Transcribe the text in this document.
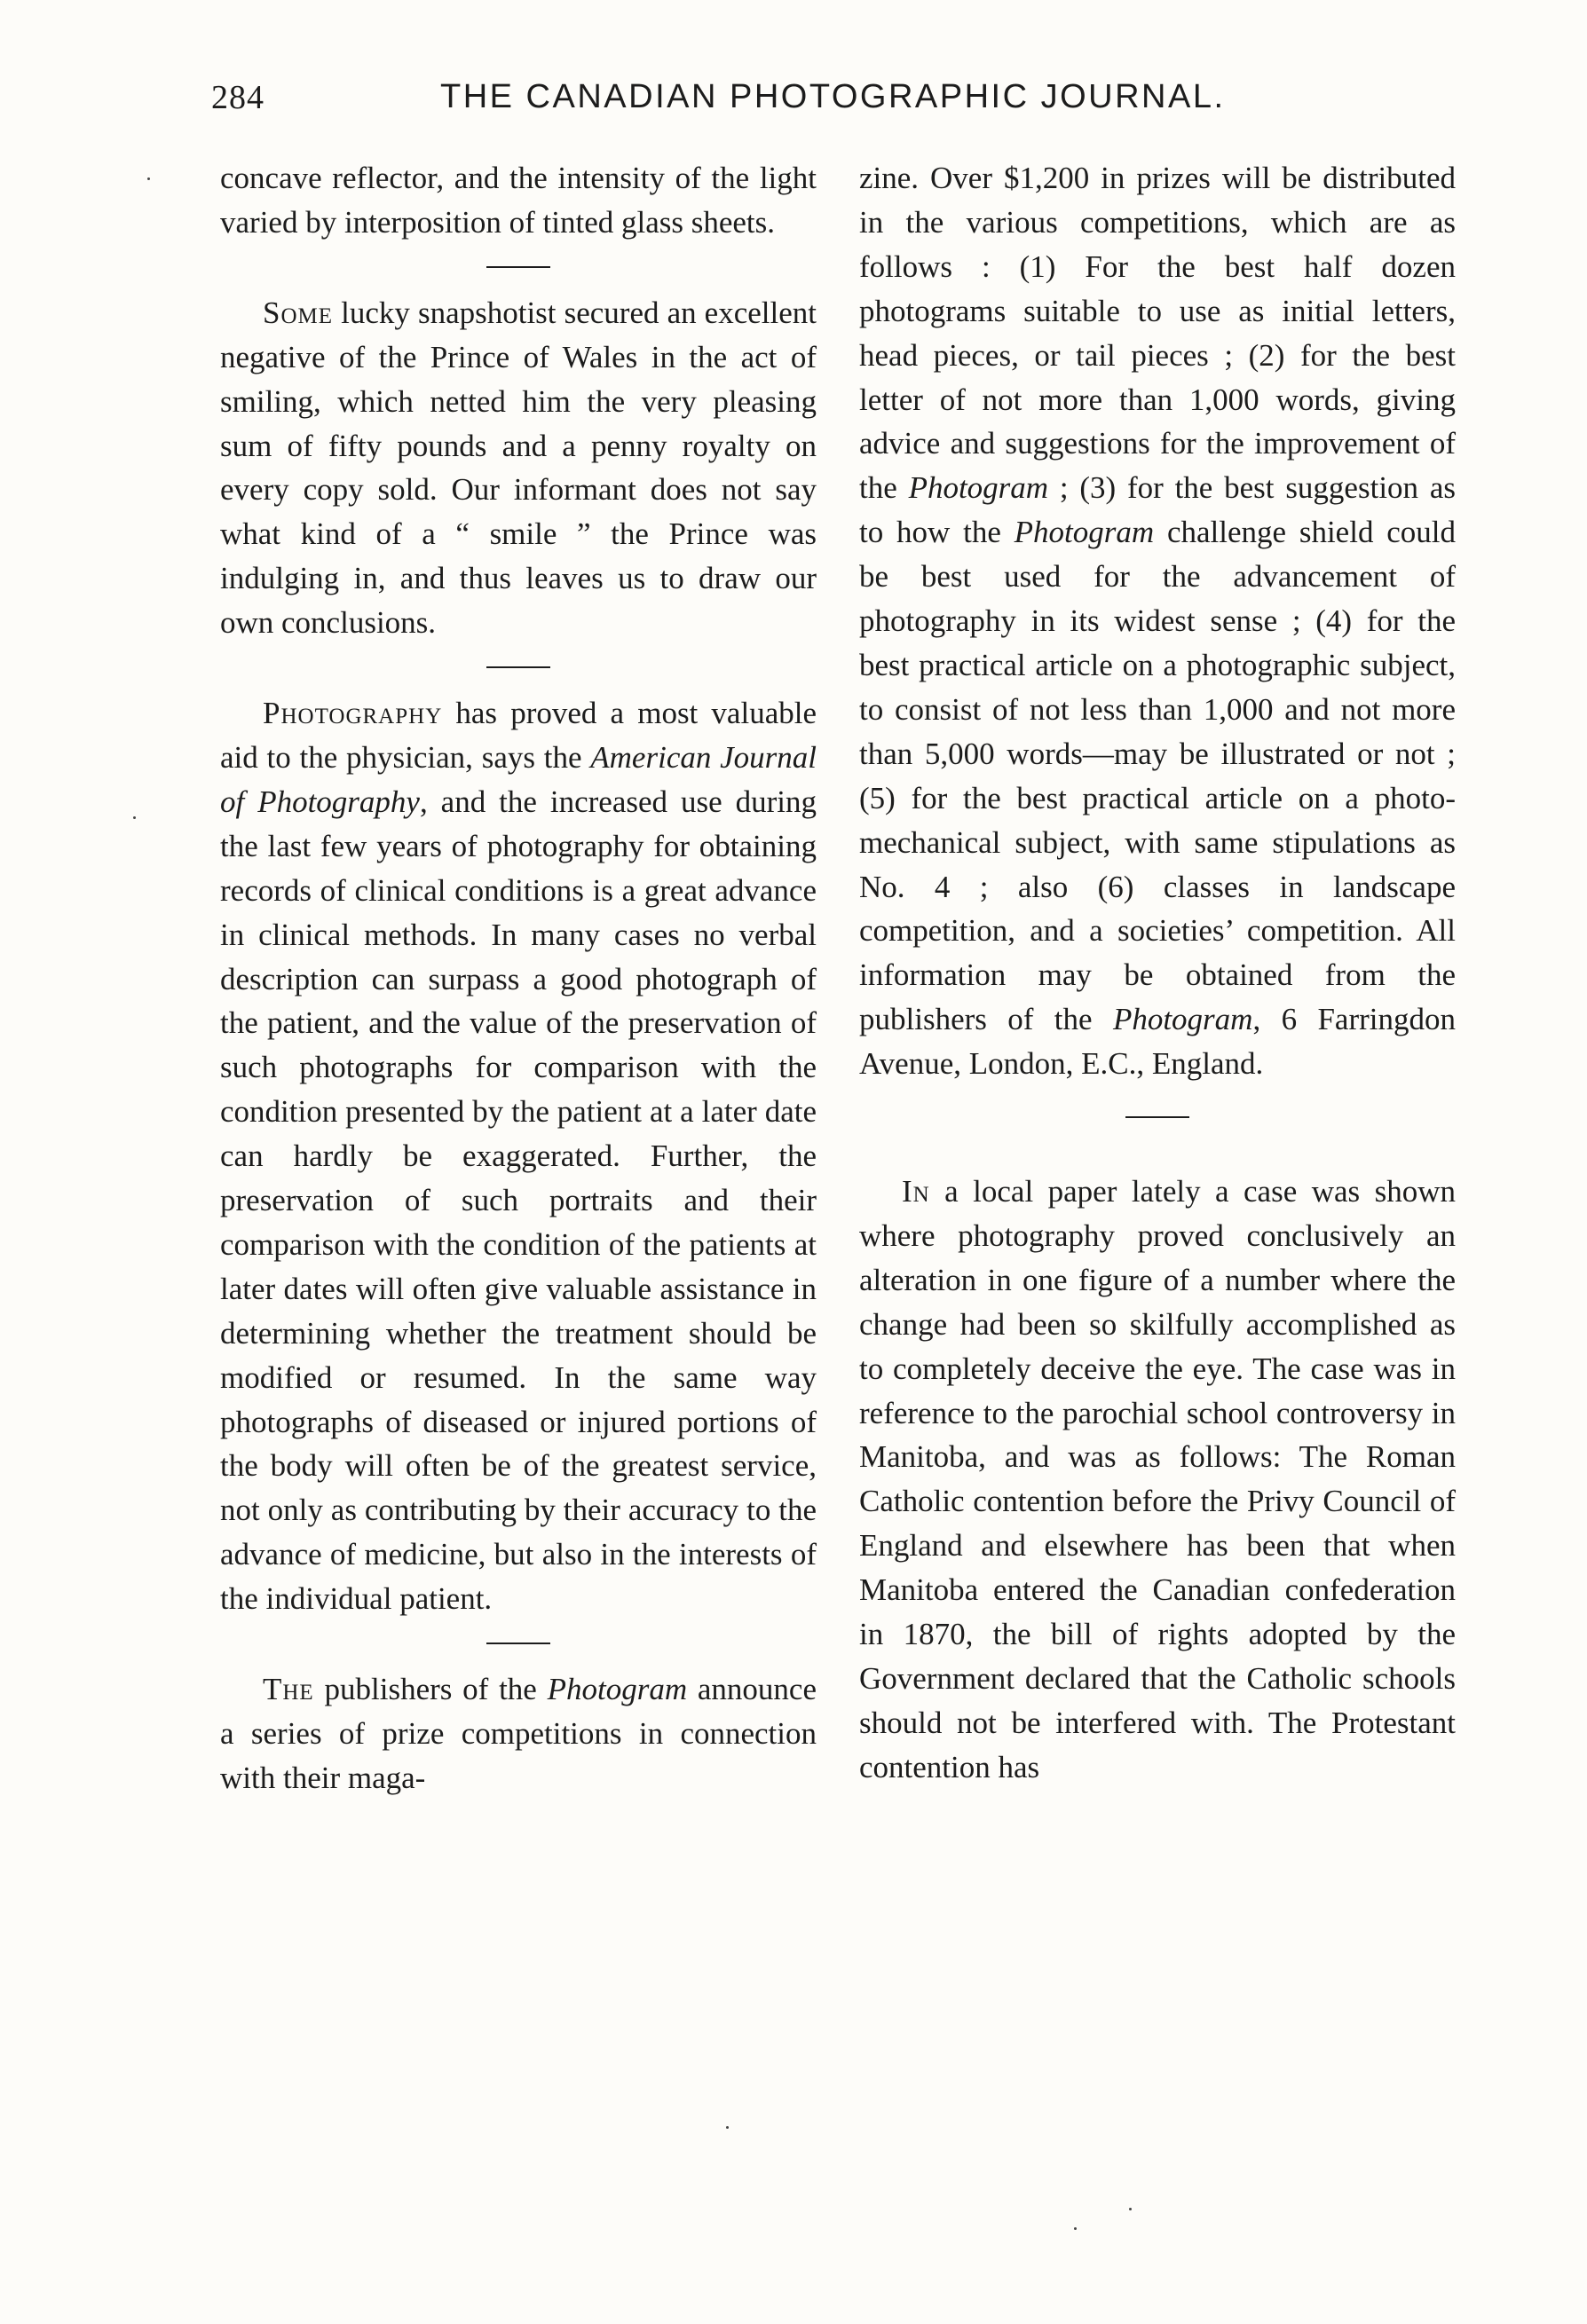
284	THE CANADIAN PHOTOGRAPHIC JOURNAL.

concave reflector, and the intensity of the light varied by interposition of tinted glass sheets.

Some lucky snapshotist secured an excellent negative of the Prince of Wales in the act of smiling, which netted him the very pleasing sum of fifty pounds and a penny royalty on every copy sold. Our informant does not say what kind of a “ smile ” the Prince was indulging in, and thus leaves us to draw our own conclusions.

Photography has proved a most valuable aid to the physician, says the American Journal of Photography, and the increased use during the last few years of photography for obtaining records of clinical conditions is a great advance in clinical methods. In many cases no verbal description can surpass a good photograph of the patient, and the value of the preservation of such photographs for comparison with the condition presented by the patient at a later date can hardly be exaggerated. Further, the preservation of such portraits and their comparison with the condition of the patients at later dates will often give valuable assistance in determining whether the treatment should be modified or resumed. In the same way photographs of diseased or injured portions of the body will often be of the greatest service, not only as contributing by their accuracy to the advance of medicine, but also in the interests of the individual patient.

The publishers of the Photogram announce a series of prize competitions in connection with their maga-

zine. Over $1,200 in prizes will be distributed in the various competitions, which are as follows : (1) For the best half dozen photograms suitable to use as initial letters, head pieces, or tail pieces ; (2) for the best letter of not more than 1,000 words, giving advice and suggestions for the improvement of the Photogram ; (3) for the best suggestion as to how the Photogram challenge shield could be best used for the advancement of photography in its widest sense ; (4) for the best practical article on a photographic subject, to consist of not less than 1,000 and not more than 5,000 words—may be illustrated or not ; (5) for the best practical article on a photo-mechanical subject, with same stipulations as No. 4 ; also (6) classes in landscape competition, and a societies’ competition. All information may be obtained from the publishers of the Photogram, 6 Farringdon Avenue, London, E.C., England.

In a local paper lately a case was shown where photography proved conclusively an alteration in one figure of a number where the change had been so skilfully accomplished as to completely deceive the eye. The case was in reference to the parochial school controversy in Manitoba, and was as follows: The Roman Catholic contention before the Privy Council of England and elsewhere has been that when Manitoba entered the Canadian confederation in 1870, the bill of rights adopted by the Government declared that the Catholic schools should not be interfered with. The Protestant contention has
